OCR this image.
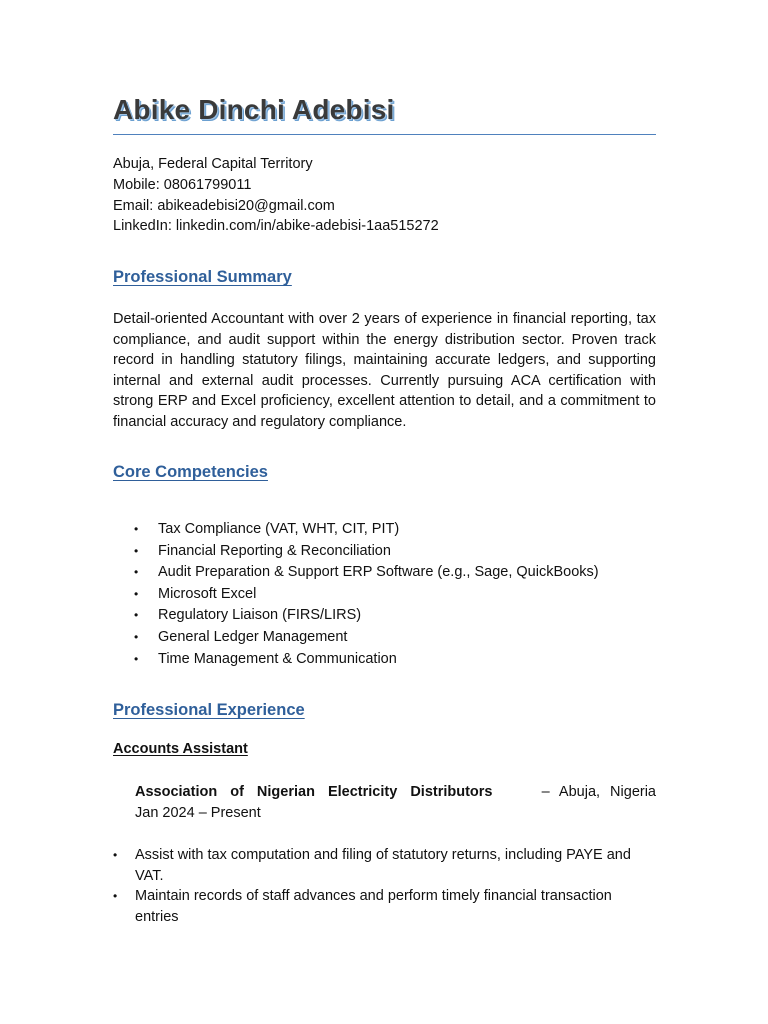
Abike Dinchi Adebisi
Abuja, Federal Capital Territory
Mobile: 08061799011
Email: abikeadebisi20@gmail.com
LinkedIn: linkedin.com/in/abike-adebisi-1aa515272
Professional Summary

Detail-oriented Accountant with over 2 years of experience in financial reporting, tax compliance, and audit support within the energy distribution sector. Proven track record in handling statutory filings, maintaining accurate ledgers, and supporting internal and external audit processes. Currently pursuing ACA certification with strong ERP and Excel proficiency, excellent attention to detail, and a commitment to financial accuracy and regulatory compliance.

Core Competencies
• Tax Compliance (VAT, WHT, CIT, PIT)
• Financial Reporting & Reconciliation
• Audit Preparation & Support ERP Software (e.g., Sage, QuickBooks)
• Microsoft Excel
• Regulatory Liaison (FIRS/LIRS)
• General Ledger Management
• Time Management & Communication
Professional Experience
Accounts Assistant
Association of Nigerian Electricity Distributors	– Abuja, Nigeria
Jan 2024 – Present
• Assist with tax computation and filing of statutory returns, including PAYE and VAT.
• Maintain records of staff advances and perform timely financial transaction entries
